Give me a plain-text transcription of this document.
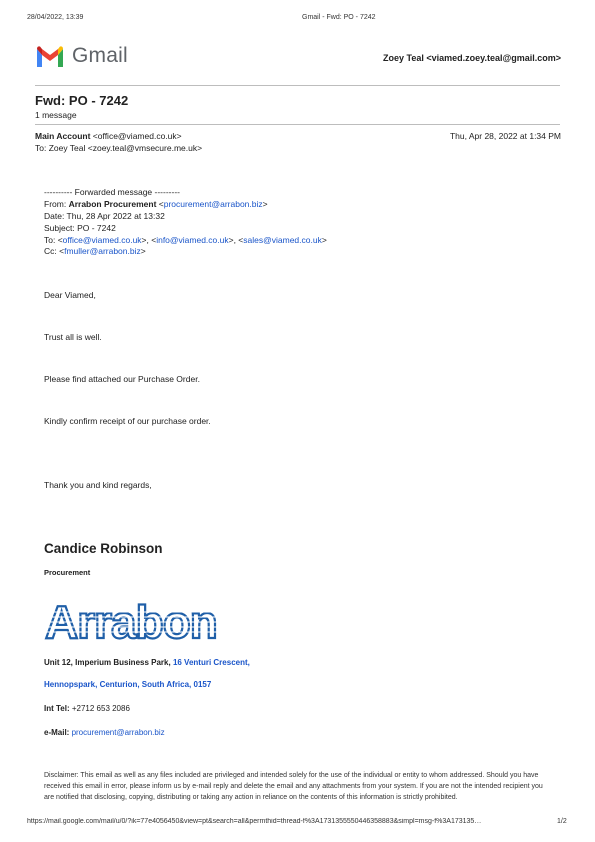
28/04/2022, 13:39	Gmail - Fwd: PO - 7242
Gmail	Zoey Teal <viamed.zoey.teal@gmail.com>
Fwd: PO - 7242
1 message
Main Account <office@viamed.co.uk>	Thu, Apr 28, 2022 at 1:34 PM
To: Zoey Teal <zoey.teal@vmsecure.me.uk>
---------- Forwarded message ---------
From: Arrabon Procurement <procurement@arrabon.biz>
Date: Thu, 28 Apr 2022 at 13:32
Subject: PO - 7242
To: <office@viamed.co.uk>, <info@viamed.co.uk>, <sales@viamed.co.uk>
Cc: <fmuller@arrabon.biz>
Dear Viamed,
Trust all is well.
Please find attached our Purchase Order.
Kindly confirm receipt of our purchase order.
Thank you and kind regards,
Candice Robinson
Procurement
Arrabon
Unit 12, Imperium Business Park, 16 Venturi Crescent,
Hennopspark, Centurion, South Africa, 0157
Int Tel: +2712 653 2086
e-Mail: procurement@arrabon.biz
Disclaimer: This email as well as any files included are privileged and intended solely for the use of the individual or entity to whom addressed. Should you have received this email in error, please inform us by e-mail reply and delete the email and any attachments from your system. If you are not the intended recipient you are notified that disclosing, copying, distributing or taking any action in reliance on the contents of this information is strictly prohibited.
https://mail.google.com/mail/u/0/?ik=77e4056450&view=pt&search=all&permthid=thread-f%3A1731355550446358883&simpl=msg-f%3A173135…	1/2
